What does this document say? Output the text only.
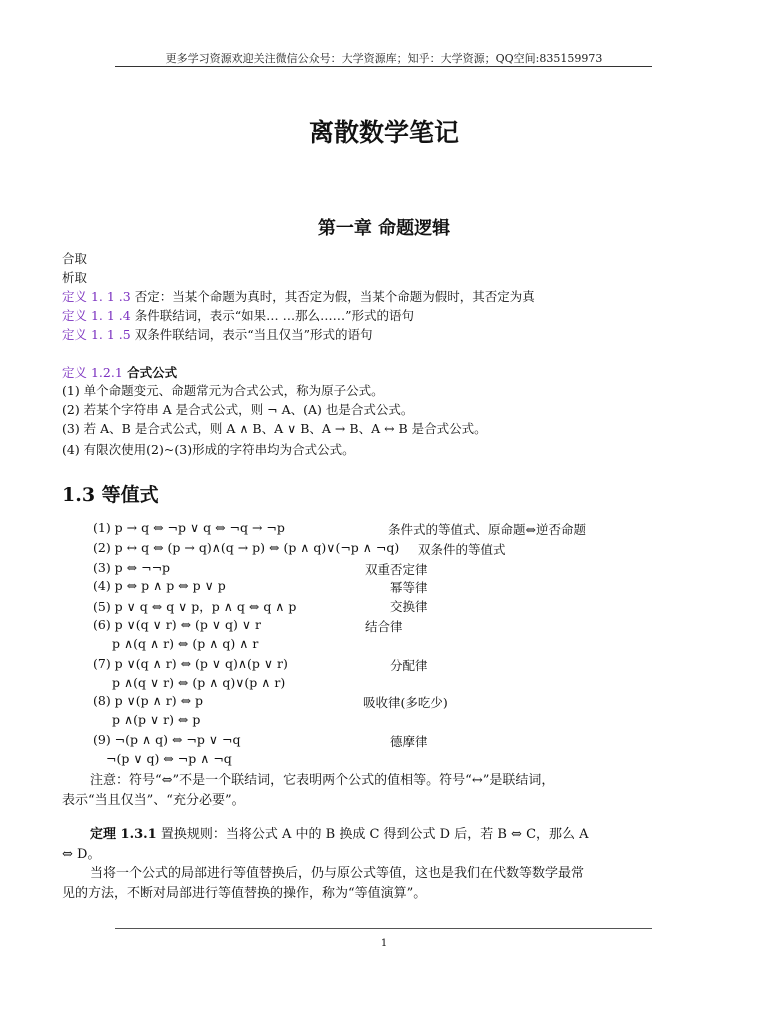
更多学习资源欢迎关注微信公众号：大学资源库；知乎：大学资源；QQ空间:835159973
离散数学笔记
第一章 命题逻辑
合取
析取
定义 1. 1 .3 否定：当某个命题为真时，其否定为假，当某个命题为假时，其否定为真
定义 1. 1 .4 条件联结词，表示“如果… …那么……”形式的语句
定义 1. 1 .5 双条件联结词，表示“当且仅当”形式的语句
定义 1.2.1 合式公式
(1) 单个命题变元、命题常元为合式公式，称为原子公式。
(2) 若某个字符串 A 是合式公式，则 ¬ A、(A) 也是合式公式。
(3) 若 A、B 是合式公式，则 A ∧ B、A ∨ B、A → B、A ↔ B 是合式公式。
(4) 有限次使用(2)~(3)形成的字符串均为合式公式。
1.3 等值式
(1) p → q ⇔ ¬p ∨ q ⇔ ¬q → ¬p	条件式的等值式、原命题⇔逆否命题
(2) p ↔ q ⇔ (p → q)∧(q → p) ⇔ (p ∧ q)∨(¬p ∧ ¬q) 双条件的等值式
(3) p ⇔ ¬¬p	双重否定律
(4) p ⇔ p ∧ p ⇔ p ∨ p	幂等律
(5) p ∨ q ⇔ q ∨ p，p ∧ q ⇔ q ∧ p	交换律
(6) p ∨(q ∨ r) ⇔ (p ∨ q) ∨ r	结合律
p ∧(q ∧ r) ⇔ (p ∧ q) ∧ r
(7) p ∨(q ∧ r) ⇔ (p ∨ q)∧(p ∨ r)	分配律
p ∧(q ∨ r) ⇔ (p ∧ q)∨(p ∧ r)
(8) p ∨(p ∧ r) ⇔ p	吸收律(多吃少)
p ∧(p ∨ r) ⇔ p
(9) ¬(p ∧ q) ⇔ ¬p ∨ ¬q	德摩律
¬(p ∨ q) ⇔ ¬p ∧ ¬q
注意：符号“⇔”不是一个联结词，它表明两个公式的值相等。符号“↔”是联结词，
表示“当且仅当”、“充分必要”。
定理 1.3.1 置换规则：当将公式 A 中的 B 换成 C 得到公式 D 后，若 B ⇔ C，那么 A
⇔ D。
当将一个公式的局部进行等值替换后，仍与原公式等值，这也是我们在代数等数学最常
见的方法，不断对局部进行等值替换的操作，称为“等值演算”。
1
